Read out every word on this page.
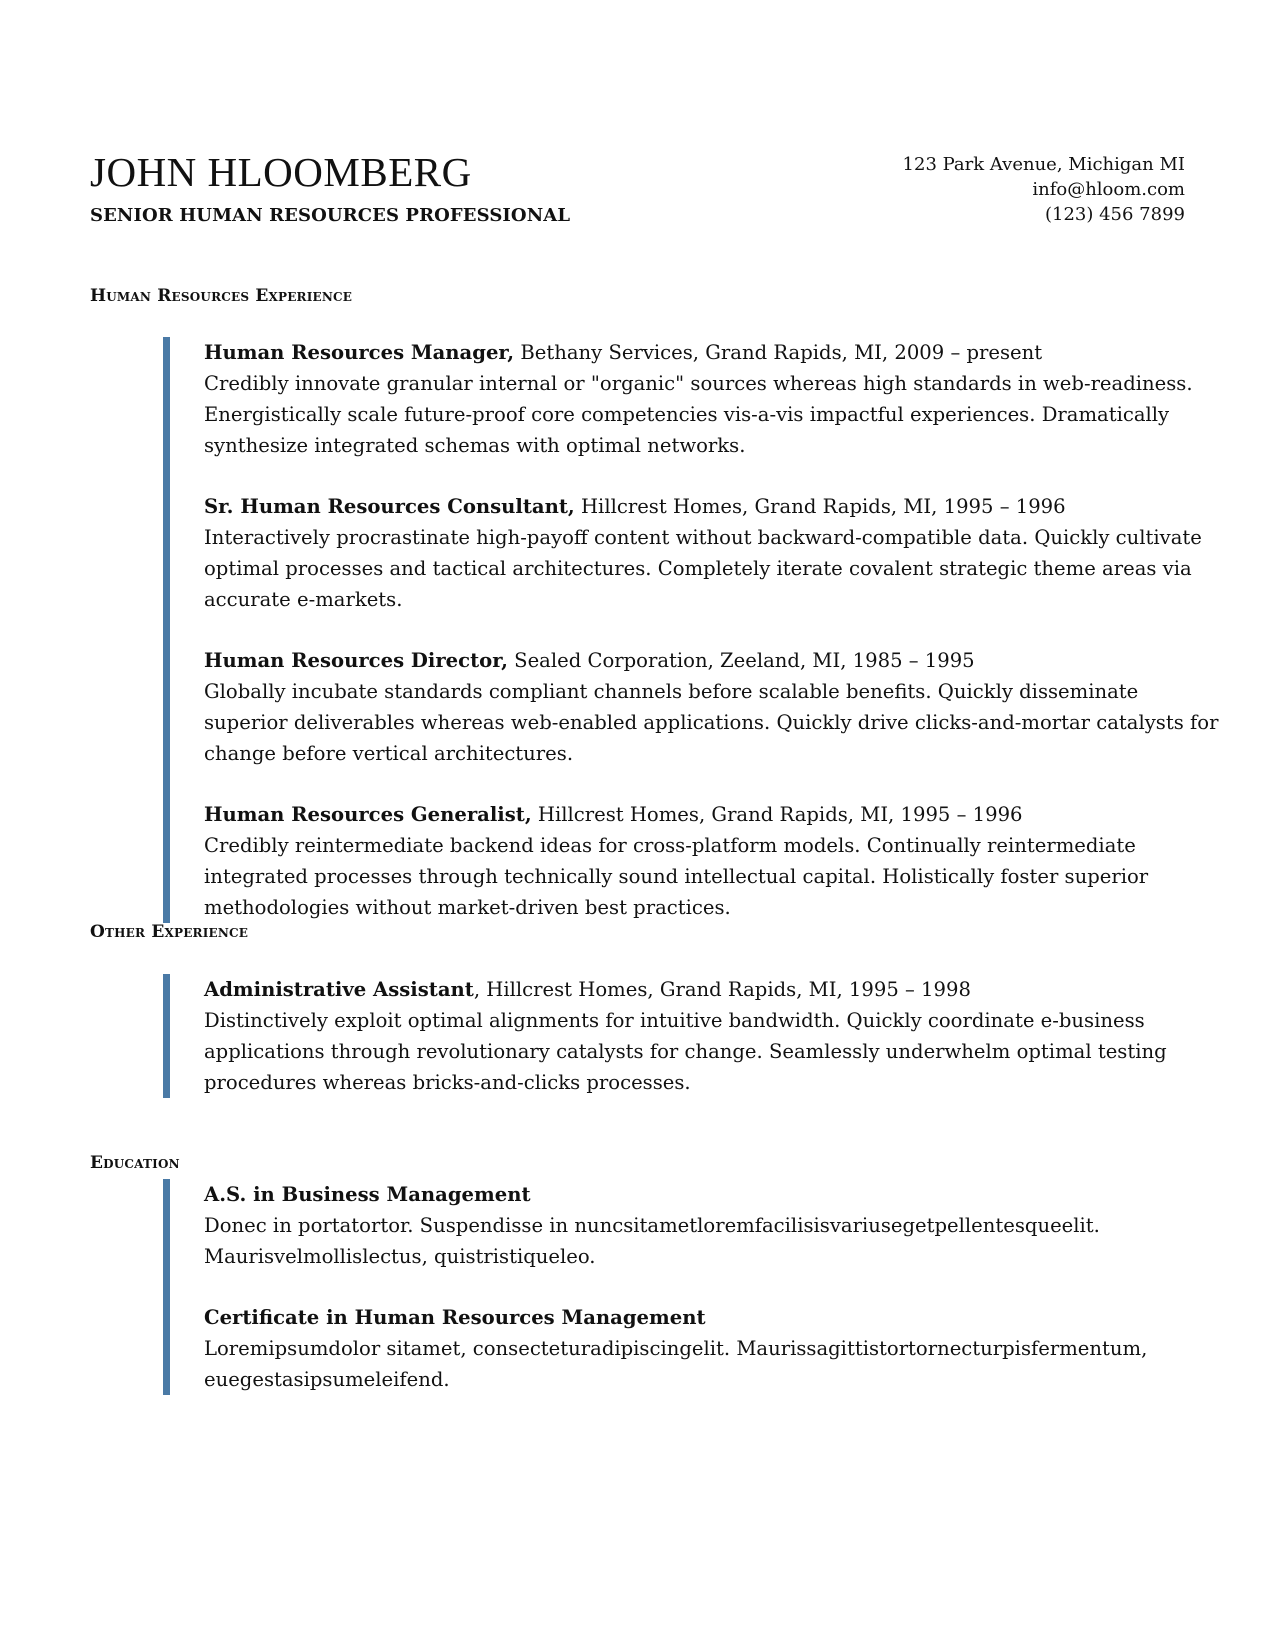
JOHN HLOOMBERG
SENIOR HUMAN RESOURCES PROFESSIONAL
123 Park Avenue, Michigan MI
info@hloom.com
(123) 456 7899
Human Resources Experience
Human Resources Manager, Bethany Services, Grand Rapids, MI, 2009 – present
Credibly innovate granular internal or "organic" sources whereas high standards in web-readiness. Energistically scale future-proof core competencies vis-a-vis impactful experiences. Dramatically synthesize integrated schemas with optimal networks.
Sr. Human Resources Consultant, Hillcrest Homes, Grand Rapids, MI, 1995 – 1996
Interactively procrastinate high-payoff content without backward-compatible data. Quickly cultivate optimal processes and tactical architectures. Completely iterate covalent strategic theme areas via accurate e-markets.
Human Resources Director, Sealed Corporation, Zeeland, MI, 1985 – 1995
Globally incubate standards compliant channels before scalable benefits. Quickly disseminate superior deliverables whereas web-enabled applications. Quickly drive clicks-and-mortar catalysts for change before vertical architectures.
Human Resources Generalist, Hillcrest Homes, Grand Rapids, MI, 1995 – 1996
Credibly reintermediate backend ideas for cross-platform models. Continually reintermediate integrated processes through technically sound intellectual capital. Holistically foster superior methodologies without market-driven best practices.
Other Experience
Administrative Assistant, Hillcrest Homes, Grand Rapids, MI, 1995 – 1998
Distinctively exploit optimal alignments for intuitive bandwidth. Quickly coordinate e-business applications through revolutionary catalysts for change. Seamlessly underwhelm optimal testing procedures whereas bricks-and-clicks processes.
Education
A.S. in Business Management
Donec in portatortor. Suspendisse in nuncsitametloremfacilisisvariusegetpellentesqueelit. Maurisvelmollislectus, quistristiqueleo.
Certificate in Human Resources Management
Loremipsumdolor sitamet, consecteturadipiscingelit. Maurissagittistortornecturpisfermentum, euegestasipsumeleifend.
